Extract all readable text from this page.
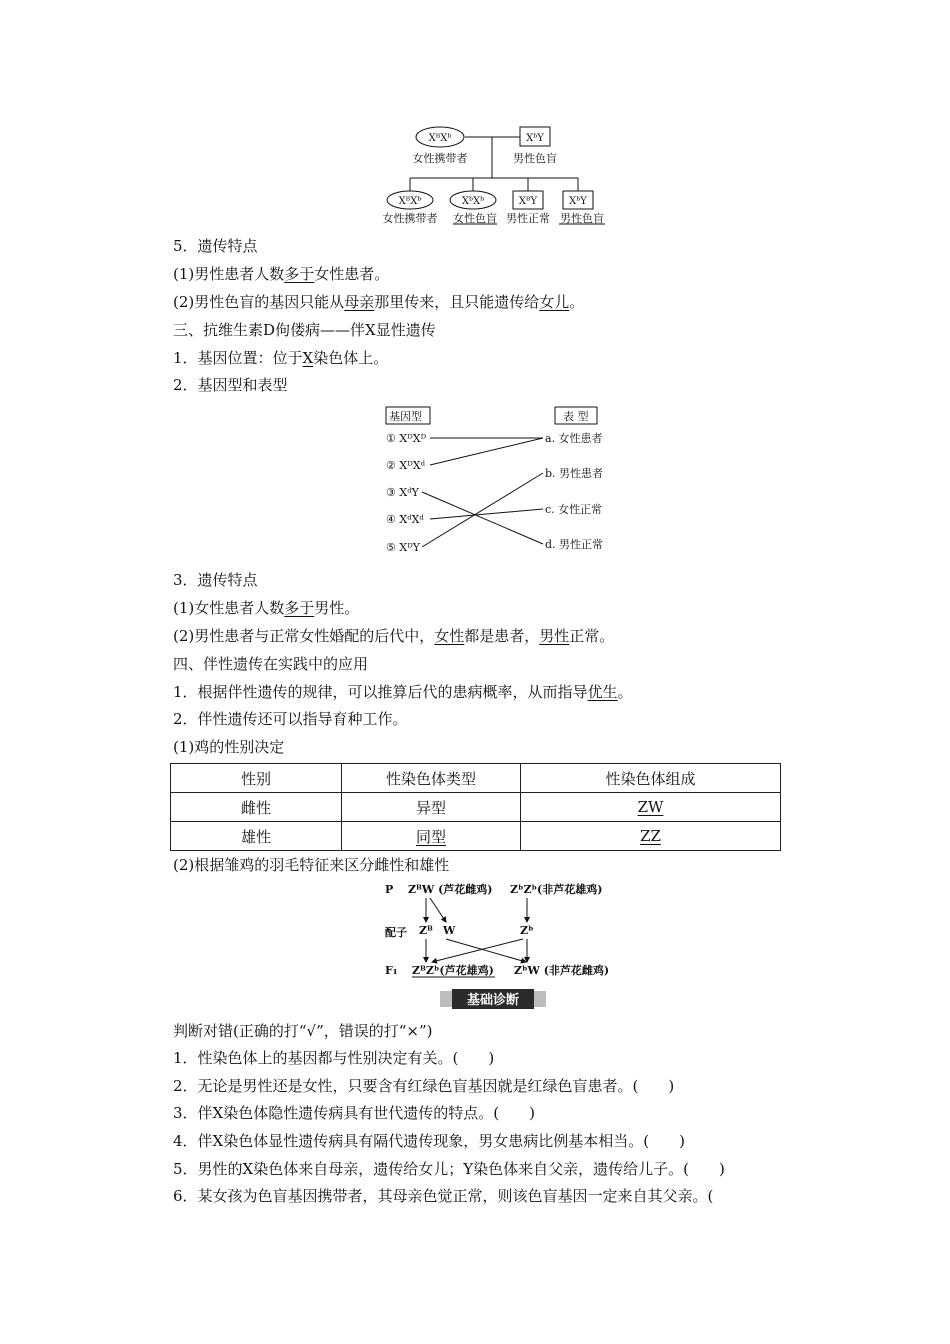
XᴮXᵇ	XᵇY
女性携带者	男性色盲
XᴮXᵇ	XᵇXᵇ	XᴮY	XᵇY
女性携带者 女性色盲 男性正常 男性色盲
5．遗传特点
(1)男性患者人数多于女性患者。
(2)男性色盲的基因只能从母亲那里传来，且只能遗传给女儿。
三、抗维生素D佝偻病——伴X显性遗传
1．基因位置：位于X染色体上。
2．基因型和表型
基因型	表 型
① XᴰXᴰ
② XᴰXᵈ
③ XᵈY
④ XᵈXᵈ
⑤ XᴰY
a. 女性患者
b. 男性患者
c. 女性正常
d. 男性正常
3．遗传特点
(1)女性患者人数多于男性。
(2)男性患者与正常女性婚配的后代中，女性都是患者，男性正常。
四、伴性遗传在实践中的应用
1．根据伴性遗传的规律，可以推算后代的患病概率，从而指导优生。
2．伴性遗传还可以指导育种工作。
(1)鸡的性别决定
性别	性染色体类型	性染色体组成
雌性	异型	ZW
雄性	同型	ZZ
(2)根据雏鸡的羽毛特征来区分雌性和雄性
P ZᴮW (芦花雌鸡) ZᵇZᵇ(非芦花雄鸡)
配子 Zᴮ W	Zᵇ
F₁ ZᴮZᵇ(芦花雄鸡) ZᵇW (非芦花雌鸡)
基础诊断
判断对错(正确的打“√”，错误的打“×”)
1．性染色体上的基因都与性别决定有关。(　　)
2．无论是男性还是女性，只要含有红绿色盲基因就是红绿色盲患者。(　　)
3．伴X染色体隐性遗传病具有世代遗传的特点。(　　)
4．伴X染色体显性遗传病具有隔代遗传现象，男女患病比例基本相当。(　　)
5．男性的X染色体来自母亲，遗传给女儿；Y染色体来自父亲，遗传给儿子。(　　)
6．某女孩为色盲基因携带者，其母亲色觉正常，则该色盲基因一定来自其父亲。(
